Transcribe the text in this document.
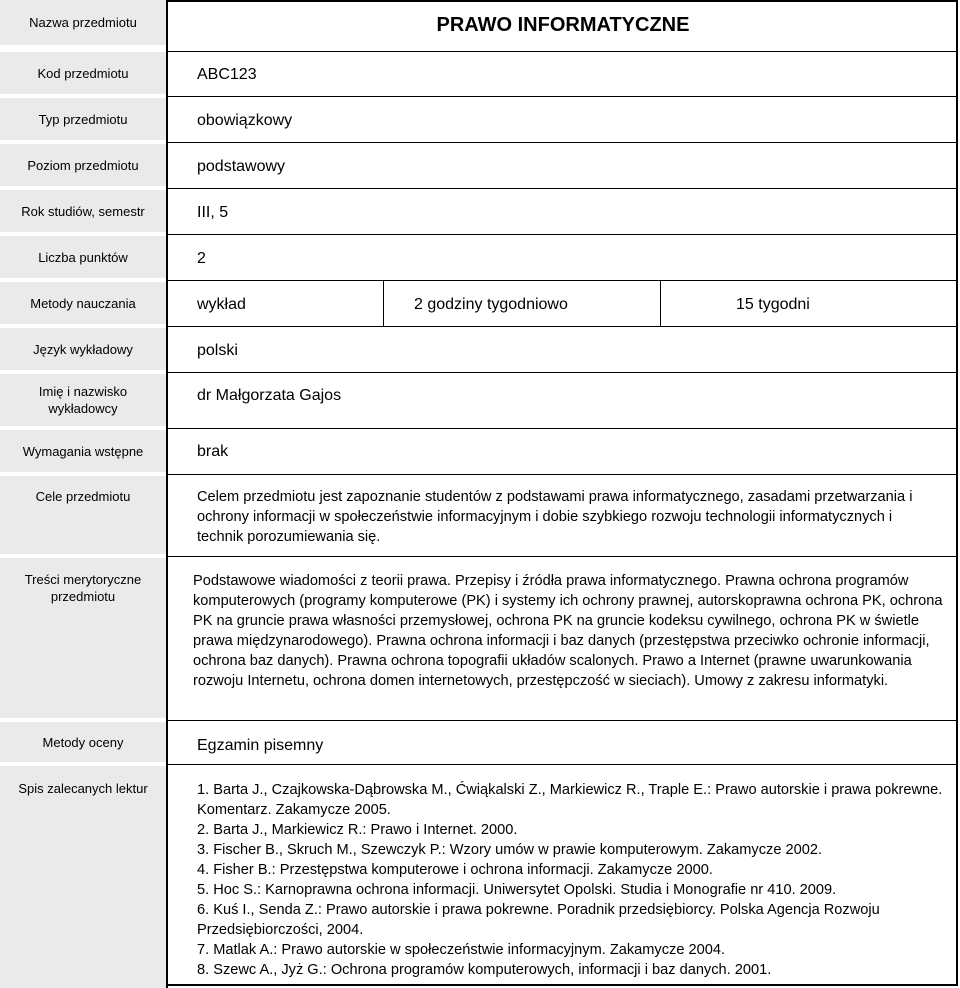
Nazwa przedmiotu
Kod przedmiotu
Typ przedmiotu
Poziom przedmiotu
Rok studiów, semestr
Liczba punktów
Metody nauczania
Język wykładowy
Imię i nazwisko
wykładowcy
Wymagania wstępne
Cele przedmiotu
Treści merytoryczne
przedmiotu
Metody oceny
Spis zalecanych lektur
PRAWO INFORMATYCZNE
ABC123
obowiązkowy
podstawowy
III, 5
2
wykład	2 godziny tygodniowo	15 tygodni
polski
dr Małgorzata Gajos
brak
Celem przedmiotu jest zapoznanie studentów z podstawami prawa informatycznego, zasadami przetwarzania i ochrony informacji w społeczeństwie informacyjnym i dobie szybkiego rozwoju technologii informatycznych i technik porozumiewania się.
Podstawowe wiadomości z teorii prawa. Przepisy i źródła prawa informatycznego. Prawna ochrona programów komputerowych (programy komputerowe (PK) i systemy ich ochrony prawnej, autorskoprawna ochrona PK, ochrona PK na gruncie prawa własności przemysłowej, ochrona PK na gruncie kodeksu cywilnego, ochrona PK w świetle prawa międzynarodowego). Prawna ochrona informacji i baz danych (przestępstwa przeciwko ochronie informacji, ochrona baz danych). Prawna ochrona topografii układów scalonych. Prawo a Internet (prawne uwarunkowania rozwoju Internetu, ochrona domen internetowych, przestępczość w sieciach). Umowy z zakresu informatyki.
Egzamin pisemny
1. Barta J., Czajkowska-Dąbrowska M., Ćwiąkalski Z., Markiewicz R., Traple E.: Prawo autorskie i prawa pokrewne. Komentarz. Zakamycze 2005.
2. Barta J., Markiewicz R.: Prawo i Internet. 2000.
3. Fischer B., Skruch M., Szewczyk P.: Wzory umów w prawie komputerowym. Zakamycze 2002.
4. Fisher B.: Przestępstwa komputerowe i ochrona informacji. Zakamycze 2000.
5. Hoc S.: Karnoprawna ochrona informacji. Uniwersytet Opolski. Studia i Monografie nr 410. 2009.
6. Kuś I., Senda Z.: Prawo autorskie i prawa pokrewne. Poradnik przedsiębiorcy. Polska Agencja Rozwoju Przedsiębiorczości, 2004.
7. Matlak A.: Prawo autorskie w społeczeństwie informacyjnym. Zakamycze 2004.
8. Szewc A., Jyż G.: Ochrona programów komputerowych, informacji i baz danych. 2001.
